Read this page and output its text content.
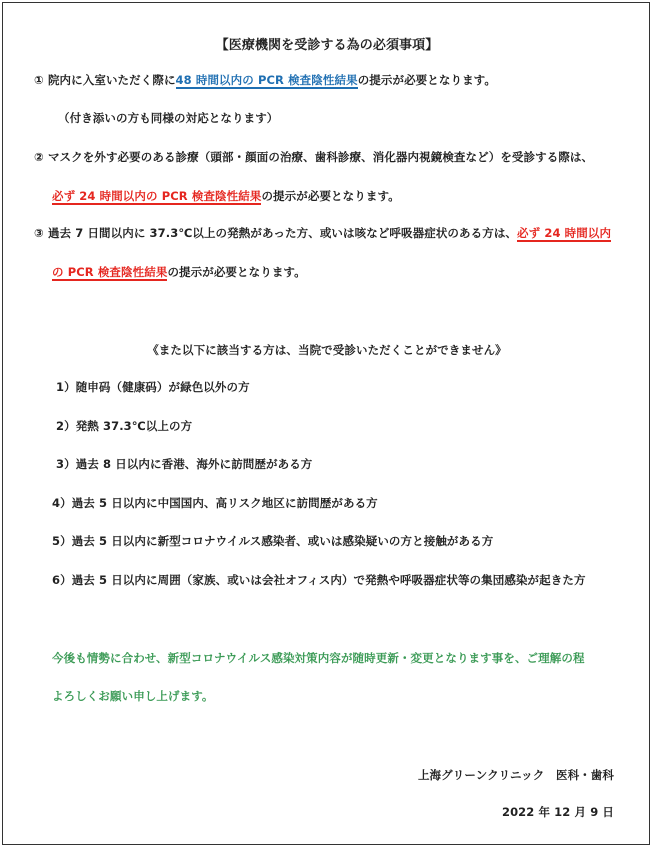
【医療機関を受診する為の必須事項】
① 院内に入室いただく際に48 時間以内の PCR 検査陰性結果の提示が必要となります。
（付き添いの方も同様の対応となります）
② マスクを外す必要のある診療（頭部・顔面の治療、歯科診療、消化器内視鏡検査など）を受診する際は、
必ず 24 時間以内の PCR 検査陰性結果の提示が必要となります。
③ 過去 7 日間以内に 37.3℃以上の発熱があった方、或いは咳など呼吸器症状のある方は、必ず 24 時間以内
の PCR 検査陰性結果の提示が必要となります。
《また以下に該当する方は、当院で受診いただくことができません》
1）随申码（健康码）が緑色以外の方
2）発熱 37.3℃以上の方
3）過去 8 日以内に香港、海外に訪問歴がある方
4）過去 5 日以内に中国国内、高リスク地区に訪問歴がある方
5）過去 5 日以内に新型コロナウイルス感染者、或いは感染疑いの方と接触がある方
6）過去 5 日以内に周囲（家族、或いは会社オフィス内）で発熱や呼吸器症状等の集団感染が起きた方
今後も情勢に合わせ、新型コロナウイルス感染対策内容が随時更新・変更となります事を、ご理解の程
よろしくお願い申し上げます。
上海グリーンクリニック　医科・歯科
2022 年 12 月 9 日
